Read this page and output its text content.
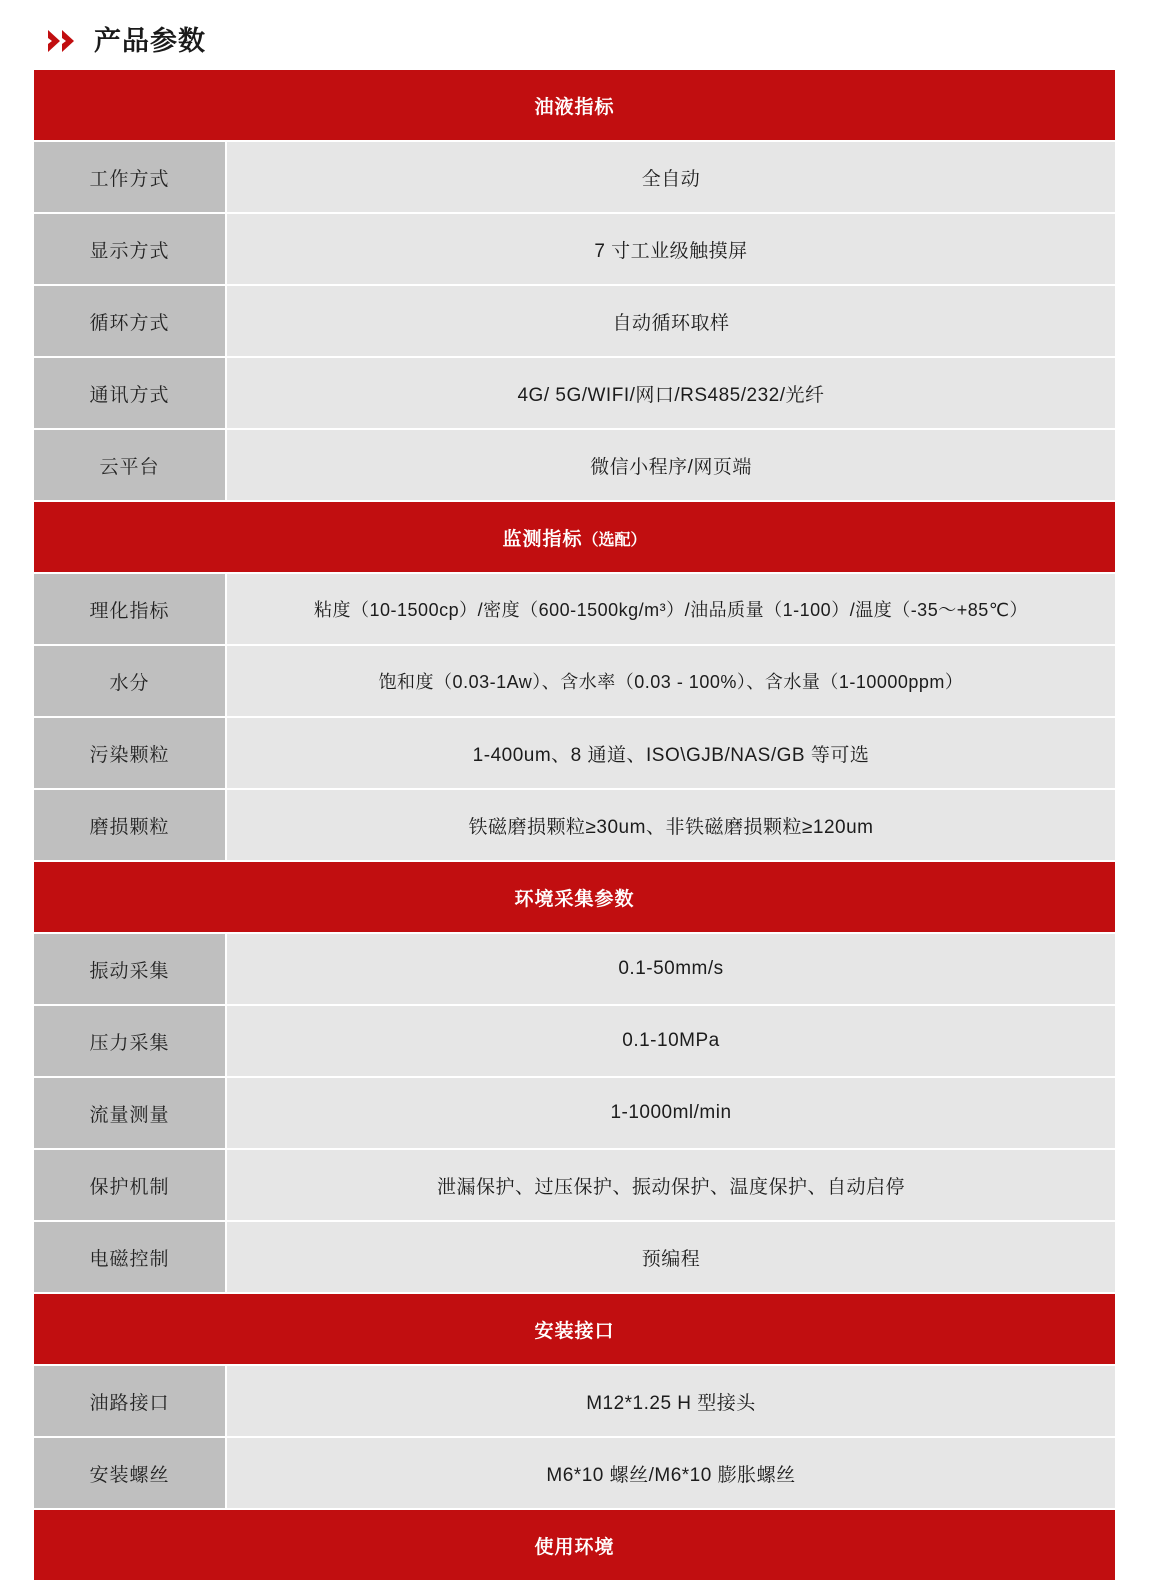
产品参数
油液指标	
工作方式	全自动
显示方式	7 寸工业级触摸屏
循环方式	自动循环取样
通讯方式	4G/ 5G/WIFI/网口/RS485/232/光纤
云平台	微信小程序/网页端
监测指标（选配）	
理化指标	粘度（10-1500cp）/密度（600-1500kg/m³）/油品质量（1-100）/温度（-35～+85℃）
水分	饱和度（0.03-1Aw）、含水率（0.03 - 100%）、含水量（1-10000ppm）
污染颗粒	1-400um、8 通道、ISO\GJB/NAS/GB 等可选
磨损颗粒	铁磁磨损颗粒≥30um、非铁磁磨损颗粒≥120um
环境采集参数	
振动采集	0.1-50mm/s
压力采集	0.1-10MPa
流量测量	1-1000ml/min
保护机制	泄漏保护、过压保护、振动保护、温度保护、自动启停
电磁控制	预编程
安装接口	
油路接口	M12*1.25 H 型接头
安装螺丝	M6*10 螺丝/M6*10 膨胀螺丝
使用环境	
